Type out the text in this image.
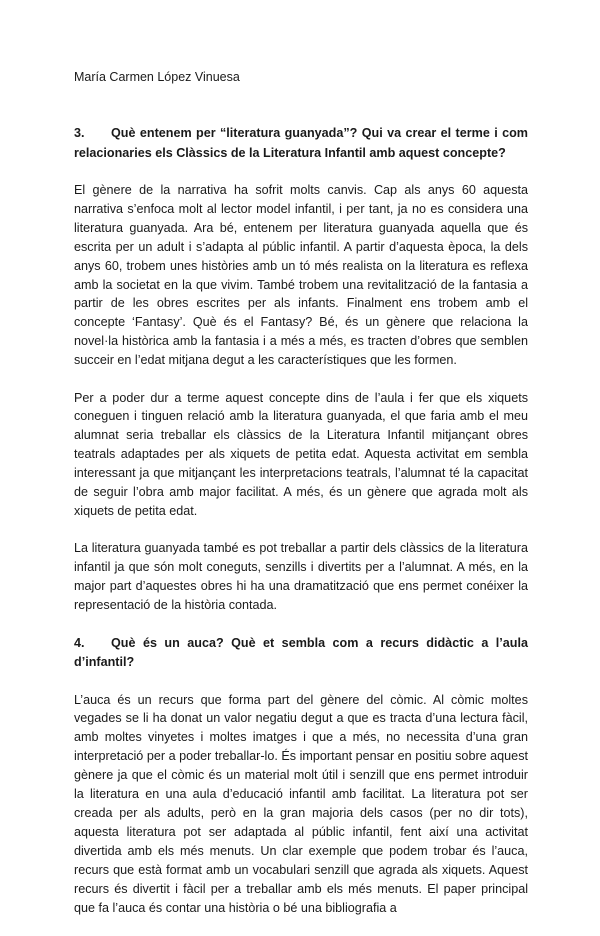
María Carmen López Vinuesa
3. Què entenem per “literatura guanyada”? Qui va crear el terme i com relacionaries els Clàssics de la Literatura Infantil amb aquest concepte?

El gènere de la narrativa ha sofrit molts canvis. Cap als anys 60 aquesta narrativa s’enfoca molt al lector model infantil, i per tant, ja no es considera una literatura guanyada. Ara bé, entenem per literatura guanyada aquella que és escrita per un adult i s’adapta al públic infantil. A partir d’aquesta època, la dels anys 60, trobem unes històries amb un tó més realista on la literatura es reflexa amb la societat en la que vivim. També trobem una revitalització de la fantasia a partir de les obres escrites per als infants. Finalment ens trobem amb el concepte ‘Fantasy’. Què és el Fantasy? Bé, és un gènere que relaciona la novel·la històrica amb la fantasia i a més a més, es tracten d’obres que semblen succeir en l’edat mitjana degut a les característiques que les formen.

Per a poder dur a terme aquest concepte dins de l’aula i fer que els xiquets coneguen i tinguen relació amb la literatura guanyada, el que faria amb el meu alumnat seria treballar els clàssics de la Literatura Infantil mitjançant obres teatrals adaptades per als xiquets de petita edat. Aquesta activitat em sembla interessant ja que mitjançant les interpretacions teatrals, l’alumnat té la capacitat de seguir l’obra amb major facilitat. A més, és un gènere que agrada molt als xiquets de petita edat.

La literatura guanyada també es pot treballar a partir dels clàssics de la literatura infantil ja que són molt coneguts, senzills i divertits per a l’alumnat. A més, en la major part d’aquestes obres hi ha una dramatització que ens permet conéixer la representació de la història contada.

4. Què és un auca? Què et sembla com a recurs didàctic a l’aula d’infantil?

L’auca és un recurs que forma part del gènere del còmic. Al còmic moltes vegades se li ha donat un valor negatiu degut a que es tracta d’una lectura fàcil, amb moltes vinyetes i moltes imatges i que a més, no necessita d’una gran interpretació per a poder treballar-lo. És important pensar en positiu sobre aquest gènere ja que el còmic és un material molt útil i senzill que ens permet introduir la literatura en una aula d’educació infantil amb facilitat. La literatura pot ser creada per als adults, però en la gran majoria dels casos (per no dir tots), aquesta literatura pot ser adaptada al públic infantil, fent així una activitat divertida amb els més menuts. Un clar exemple que podem trobar és l’auca, recurs que està format amb un vocabulari senzill que agrada als xiquets. Aquest recurs és divertit i fàcil per a treballar amb els més menuts. El paper principal que fa l’auca és contar una història o bé una bibliografia a
